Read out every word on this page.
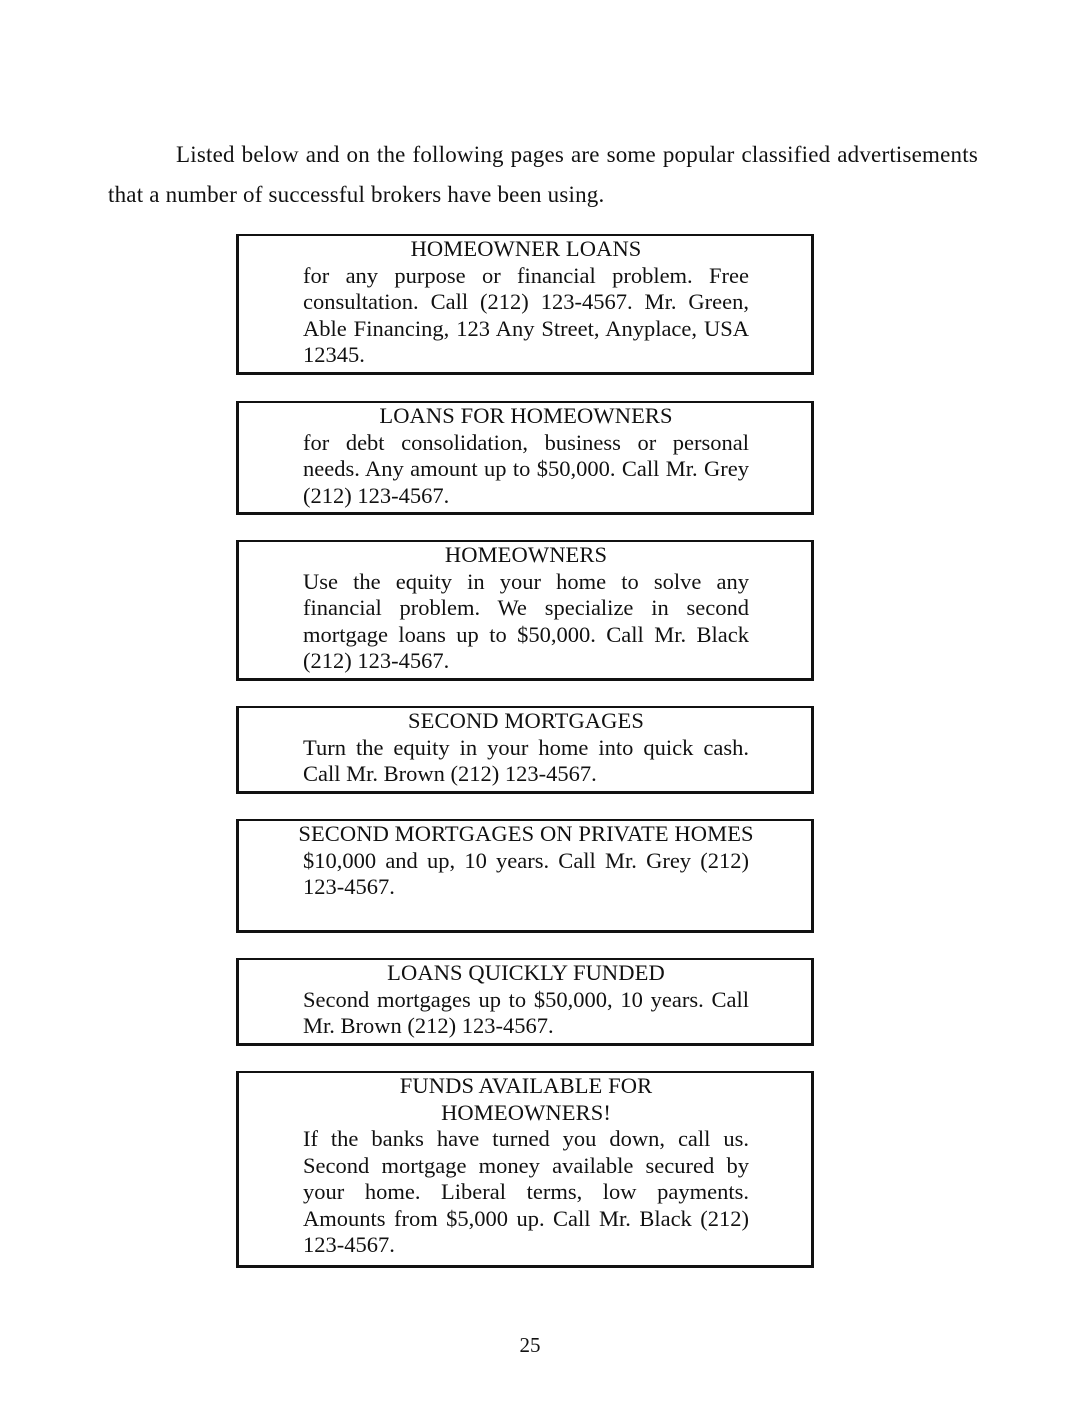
Listed below and on the following pages are some popular classified advertisements that a number of successful brokers have been using.

HOMEOWNER LOANS
for any purpose or financial problem. Free consultation. Call (212) 123-4567. Mr. Green, Able Financing, 123 Any Street, Anyplace, USA 12345.
LOANS FOR HOMEOWNERS
for debt consolidation, business or personal needs. Any amount up to $50,000. Call Mr. Grey (212) 123-4567.
HOMEOWNERS
Use the equity in your home to solve any financial problem. We specialize in second mortgage loans up to $50,000. Call Mr. Black (212) 123-4567.
SECOND MORTGAGES
Turn the equity in your home into quick cash. Call Mr. Brown (212) 123-4567.
SECOND MORTGAGES ON PRIVATE HOMES
$10,000 and up, 10 years. Call Mr. Grey (212) 123-4567.
LOANS QUICKLY FUNDED
Second mortgages up to $50,000, 10 years. Call Mr. Brown (212) 123-4567.
FUNDS AVAILABLE FOR HOMEOWNERS!
If the banks have turned you down, call us. Second mortgage money available secured by your home. Liberal terms, low payments. Amounts from $5,000 up. Call Mr. Black (212) 123-4567.
25
